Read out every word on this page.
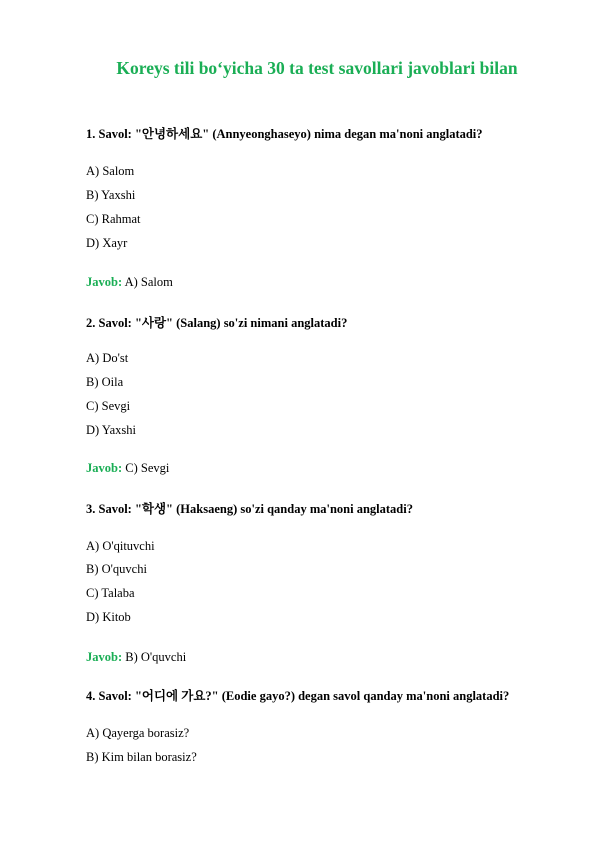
Koreys tili bo‘yicha 30 ta test savollari javoblari bilan
1. Savol: "안녕하세요" (Annyeonghaseyo) nima degan ma'noni anglatadi?
A) Salom
B) Yaxshi
C) Rahmat
D) Xayr
Javob: A) Salom
2. Savol: "사랑" (Salang) so'zi nimani anglatadi?
A) Do'st
B) Oila
C) Sevgi
D) Yaxshi
Javob: C) Sevgi
3. Savol: "학생" (Haksaeng) so'zi qanday ma'noni anglatadi?
A) O'qituvchi
B) O'quvchi
C) Talaba
D) Kitob
Javob: B) O'quvchi
4. Savol: "어디에 가요?" (Eodie gayo?) degan savol qanday ma'noni anglatadi?
A) Qayerga borasiz?
B) Kim bilan borasiz?
